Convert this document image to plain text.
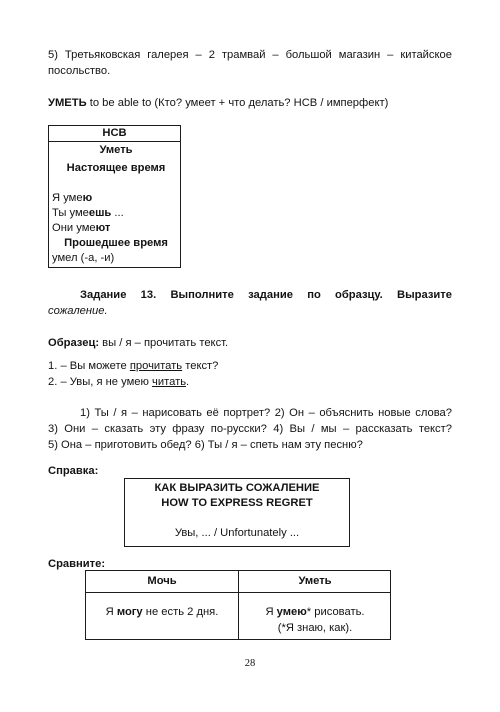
5) Третьяковская галерея – 2 трамвай – большой магазин – китайское

посольство.

УМЕТЬ to be able to (Кто? умеет + что делать? НСВ / имперфект)

НСВ
Уметь
Настоящее время
Я умею
Ты умеешь ...
Они умеют
Прошедшее время
умел (-а, -и)

Задание 13. Выполните задание по образцу. Выразите

сожаление.

Образец: вы / я – прочитать текст.

1. – Вы можете прочитать текст?

2. – Увы, я не умею читать.

1) Ты / я – нарисовать её портрет? 2) Он – объяснить новые слова?

3) Они – сказать эту фразу по-русски? 4) Вы / мы – рассказать текст?

5) Она – приготовить обед? 6) Ты / я – спеть нам эту песню?

Справка:

КАК ВЫРАЗИТЬ СОЖАЛЕНИЕ
HOW TO EXPRESS REGRET
Увы, ... / Unfortunately ...

Сравните:

Мочь	Уметь
Я могу не есть 2 дня.	Я умею* рисовать.
(*Я знаю, как).

28
